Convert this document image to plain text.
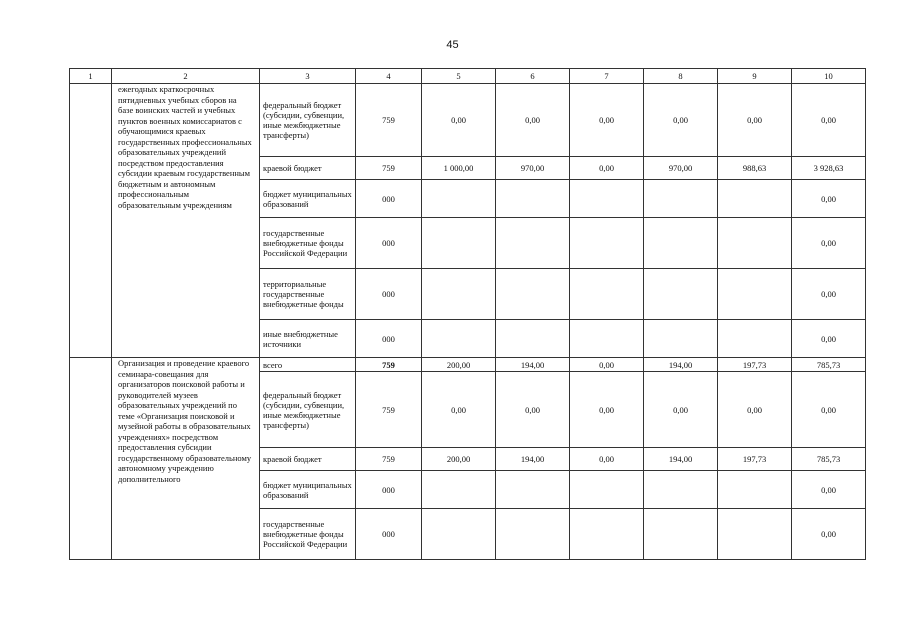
45
1	2	3	4	5	6	7	8	9	10
	ежегодных краткосрочных пятидневных учебных сборов на базе воинских частей и учебных пунктов военных комиссариатов с обучающимися краевых государственных профессиональных образовательных учреждений посредством предоставления субсидии краевым государственным бюджетным и автономным профессиональным образовательным учреждениям	федеральный бюджет (субсидии, субвенции, иные межбюджетные трансферты)	759	0,00	0,00	0,00	0,00	0,00	0,00
		краевой бюджет	759	1 000,00	970,00	0,00	970,00	988,63	3 928,63
		бюджет муниципальных образований	000						0,00
		государственные внебюджетные фонды Российской Федерации	000						0,00
		территориальные государственные внебюджетные фонды	000						0,00
		иные внебюджетные источники	000						0,00
	Организация и проведение краевого семинара-совещания для организаторов поисковой работы и руководителей музеев образовательных учреждений по теме «Организация поисковой и музейной работы в образовательных учреждениях» посредством предоставления субсидии государственному образовательному автономному учреждению дополнительного	всего	759	200,00	194,00	0,00	194,00	197,73	785,73
		федеральный бюджет (субсидии, субвенции, иные межбюджетные трансферты)	759	0,00	0,00	0,00	0,00	0,00	0,00
		краевой бюджет	759	200,00	194,00	0,00	194,00	197,73	785,73
		бюджет муниципальных образований	000						0,00
		государственные внебюджетные фонды Российской Федерации	000						0,00
